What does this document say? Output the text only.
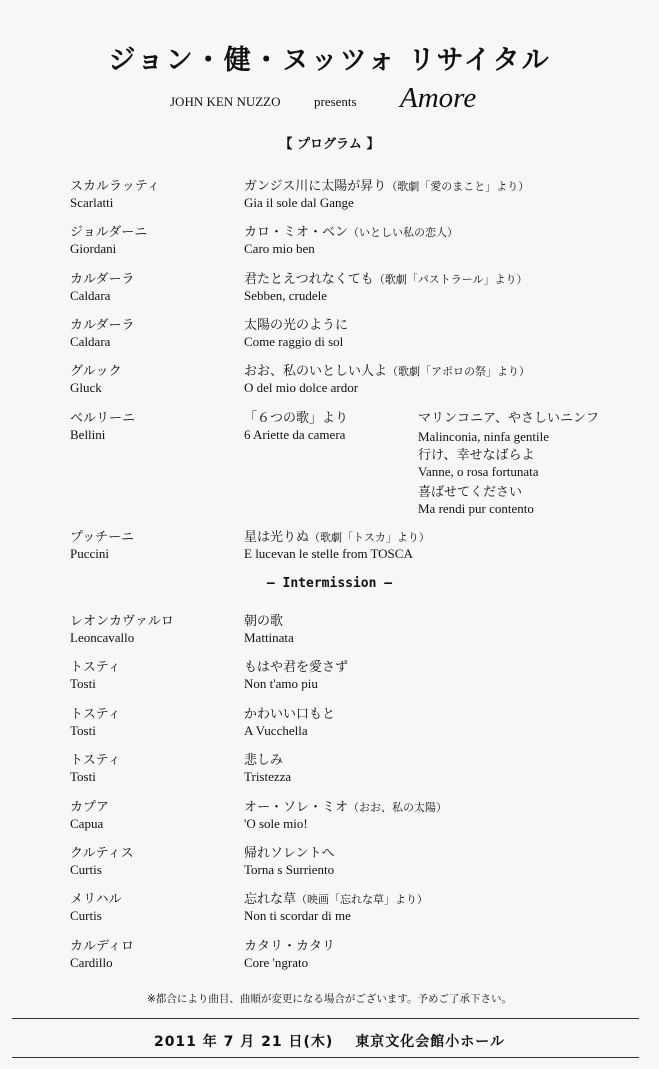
ジョン・健・ヌッツォ リサイタル
JOHN KEN NUZZO	presents Amore
【 プログラム 】
スカルラッティ
Scarlatti
ガンジス川に太陽が昇り（歌劇「愛のまこと」より）
Gia il sole dal Gange
ジョルダーニ
Giordani
カロ・ミオ・ベン（いとしい私の恋人）
Caro mio ben
カルダーラ
Caldara
君たとえつれなくても（歌劇「パストラール」より）
Sebben, crudele
カルダーラ
Caldara
太陽の光のように
Come raggio di sol
グルック
Gluck
おお、私のいとしい人よ（歌劇「アポロの祭」より）
O del mio dolce ardor
ベルリーニ
Bellini
「６つの歌」より
6 Ariette da camera
マリンコニア、やさしいニンフ
Malinconia, ninfa gentile
行け、幸せなばらよ
Vanne, o rosa fortunata
喜ばせてください
Ma rendi pur contento
プッチーニ
Puccini
星は光りぬ（歌劇「トスカ」より）
E lucevan le stelle from TOSCA
— Intermission —
レオンカヴァルロ
Leoncavallo
朝の歌
Mattinata
トスティ
Tosti
もはや君を愛さず
Non t'amo piu
トスティ
Tosti
かわいい口もと
A Vucchella
トスティ
Tosti
悲しみ
Tristezza
カプア
Capua
オー・ソレ・ミオ（おお、私の太陽）
'O sole mio!
クルティス
Curtis
帰れソレントへ
Torna s Surriento
メリハル
Curtis
忘れな草（映画「忘れな草」より）
Non ti scordar di me
カルディロ
Cardillo
カタリ・カタリ
Core 'ngrato
※都合により曲目、曲順が変更になる場合がございます。予めご了承下さい。
2011 年 7 月 21 日(木) 東京文化会館小ホール
